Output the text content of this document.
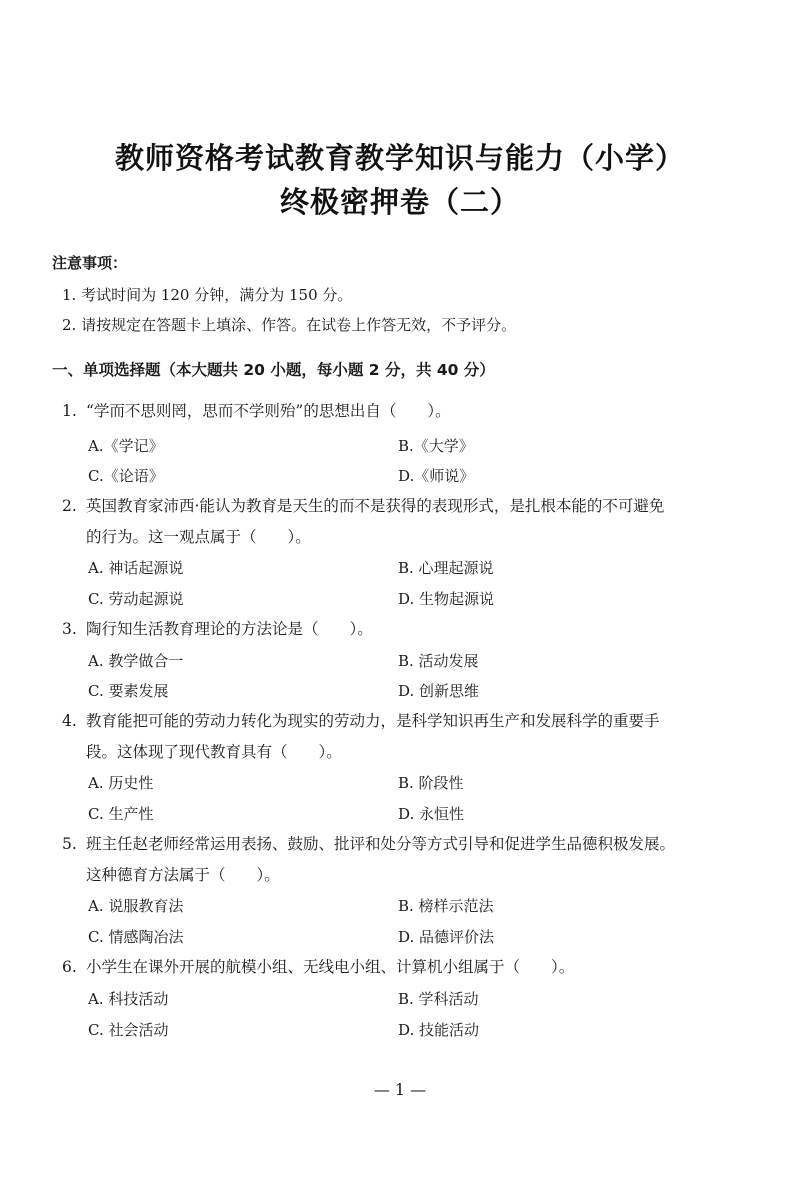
教师资格考试教育教学知识与能力（小学）
终极密押卷（二）
注意事项：
1. 考试时间为 120 分钟，满分为 150 分。
2. 请按规定在答题卡上填涂、作答。在试卷上作答无效，不予评分。
一、单项选择题（本大题共 20 小题，每小题 2 分，共 40 分）
1. “学而不思则罔，思而不学则殆”的思想出自（　　）。
A.《学记》	B.《大学》
C.《论语》	D.《师说》
2. 英国教育家沛西·能认为教育是天生的而不是获得的表现形式，是扎根本能的不可避免
的行为。这一观点属于（　　）。
A. 神话起源说	B. 心理起源说
C. 劳动起源说	D. 生物起源说
3. 陶行知生活教育理论的方法论是（　　）。
A. 教学做合一	B. 活动发展
C. 要素发展	D. 创新思维
4. 教育能把可能的劳动力转化为现实的劳动力，是科学知识再生产和发展科学的重要手
段。这体现了现代教育具有（　　）。
A. 历史性	B. 阶段性
C. 生产性	D. 永恒性
5. 班主任赵老师经常运用表扬、鼓励、批评和处分等方式引导和促进学生品德积极发展。
这种德育方法属于（　　）。
A. 说服教育法	B. 榜样示范法
C. 情感陶冶法	D. 品德评价法
6. 小学生在课外开展的航模小组、无线电小组、计算机小组属于（　　）。
A. 科技活动	B. 学科活动
C. 社会活动	D. 技能活动
— 1 —
